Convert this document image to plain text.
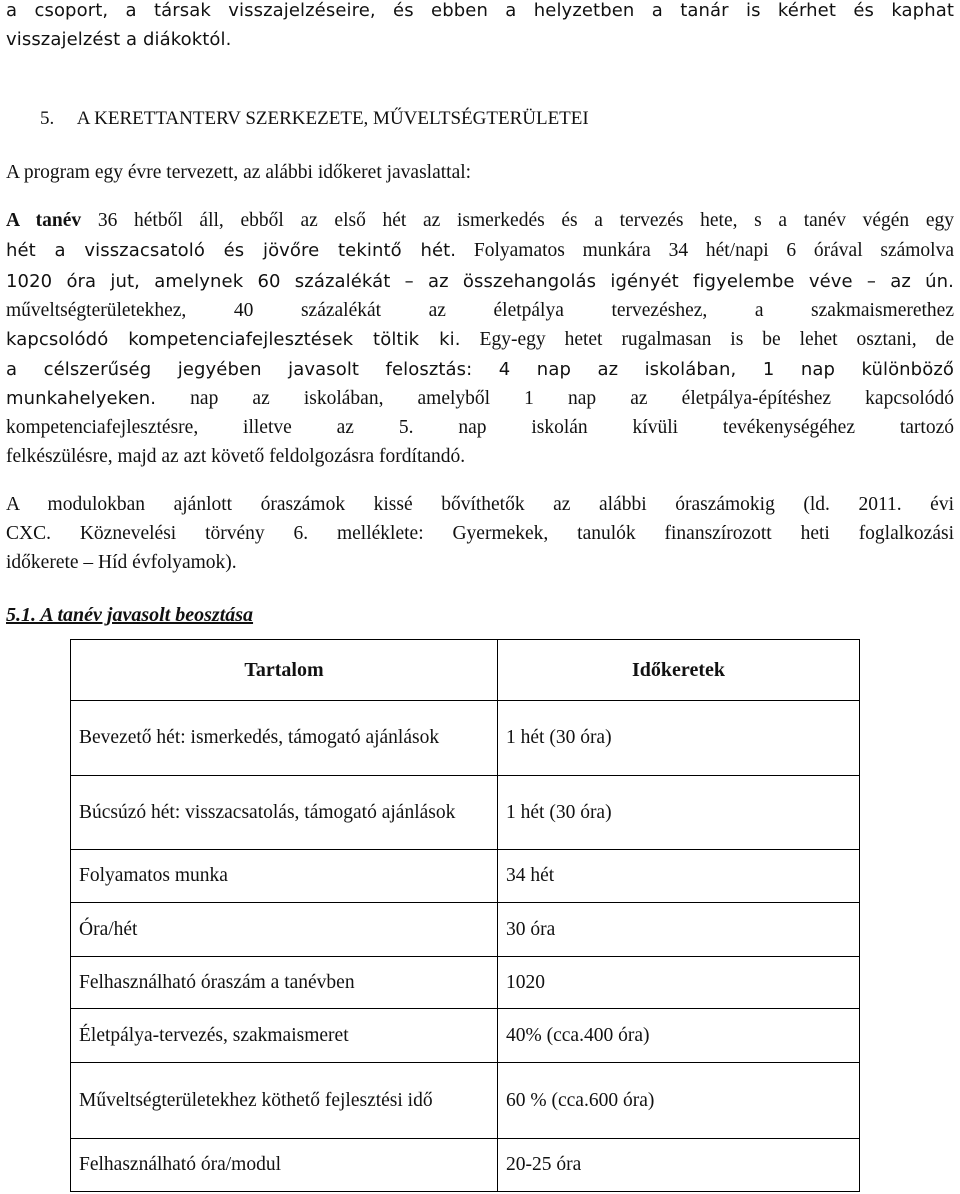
a csoport, a társak visszajelzéseire, és ebben a helyzetben a tanár is kérhet és kaphat
visszajelzést a diákoktól.
5. A KERETTANTERV SZERKEZETE, MŰVELTSÉGTERÜLETEI
A program egy évre tervezett, az alábbi időkeret javaslattal:
A tanév 36 hétből áll, ebből az első hét az ismerkedés és a tervezés hete, s a tanév végén egy
hét a visszacsatoló és jövőre tekintő hét. Folyamatos munkára 34 hét/napi 6 órával számolva
1020 óra jut, amelynek 60 százalékát – az összehangolás igényét figyelembe véve – az ún.
műveltségterületekhez, 40 százalékát az életpálya tervezéshez, a szakmaismerethez
kapcsolódó kompetenciafejlesztések töltik ki. Egy-egy hetet rugalmasan is be lehet osztani, de
a célszerűség jegyében javasolt felosztás: 4 nap az iskolában, 1 nap különböző
munkahelyeken. nap az iskolában, amelyből 1 nap az életpálya-építéshez kapcsolódó
kompetenciafejlesztésre, illetve az 5. nap iskolán kívüli tevékenységéhez tartozó
felkészülésre, majd az azt követő feldolgozásra fordítandó.
A modulokban ajánlott óraszámok kissé bővíthetők az alábbi óraszámokig (ld. 2011. évi
CXC. Köznevelési törvény 6. melléklete: Gyermekek, tanulók finanszírozott heti foglalkozási
időkerete – Híd évfolyamok).
5.1. A tanév javasolt beosztása
Tartalom	Időkeretek
Bevezető hét: ismerkedés, támogató ajánlások	1 hét (30 óra)
Búcsúzó hét: visszacsatolás, támogató ajánlások	1 hét (30 óra)
Folyamatos munka	34 hét
Óra/hét	30 óra
Felhasználható óraszám a tanévben	1020
Életpálya-tervezés, szakmaismeret	40% (cca.400 óra)
Műveltségterületekhez köthető fejlesztési idő	60 % (cca.600 óra)
Felhasználható óra/modul	20-25 óra
